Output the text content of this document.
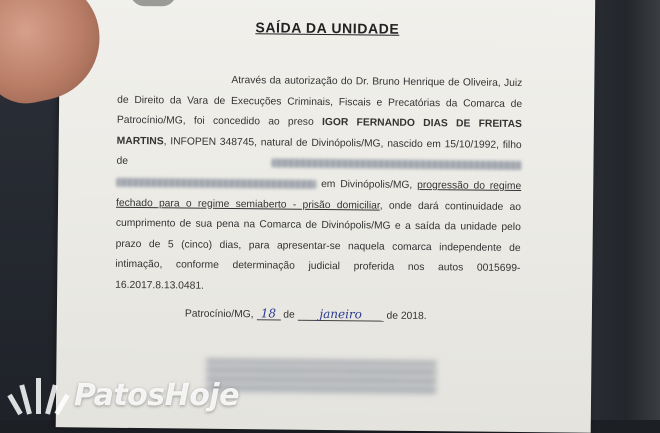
SAÍDA DA UNIDADE
Através da autorização do Dr. Bruno Henrique de Oliveira, Juiz de Direito da Vara de Execuções Criminais, Fiscais e Precatórias da Comarca de Patrocínio/MG, foi concedido ao preso IGOR FERNANDO DIAS DE FREITAS MARTINS, INFOPEN 348745, natural de Divinópolis/MG, nascido em 15/10/1992, filho de   em Divinópolis/MG, progressão do regime fechado para o regime semiaberto - prisão domiciliar, onde dará continuidade ao cumprimento de sua pena na Comarca de Divinópolis/MG e a saída da unidade pelo prazo de 5 (cinco) dias, para apresentar-se naquela comarca independente de intimação, conforme determinação judicial proferida nos autos 0015699-16.2017.8.13.0481.
Patrocínio/MG, 18 de janeiro de 2018.
PatosHoje
